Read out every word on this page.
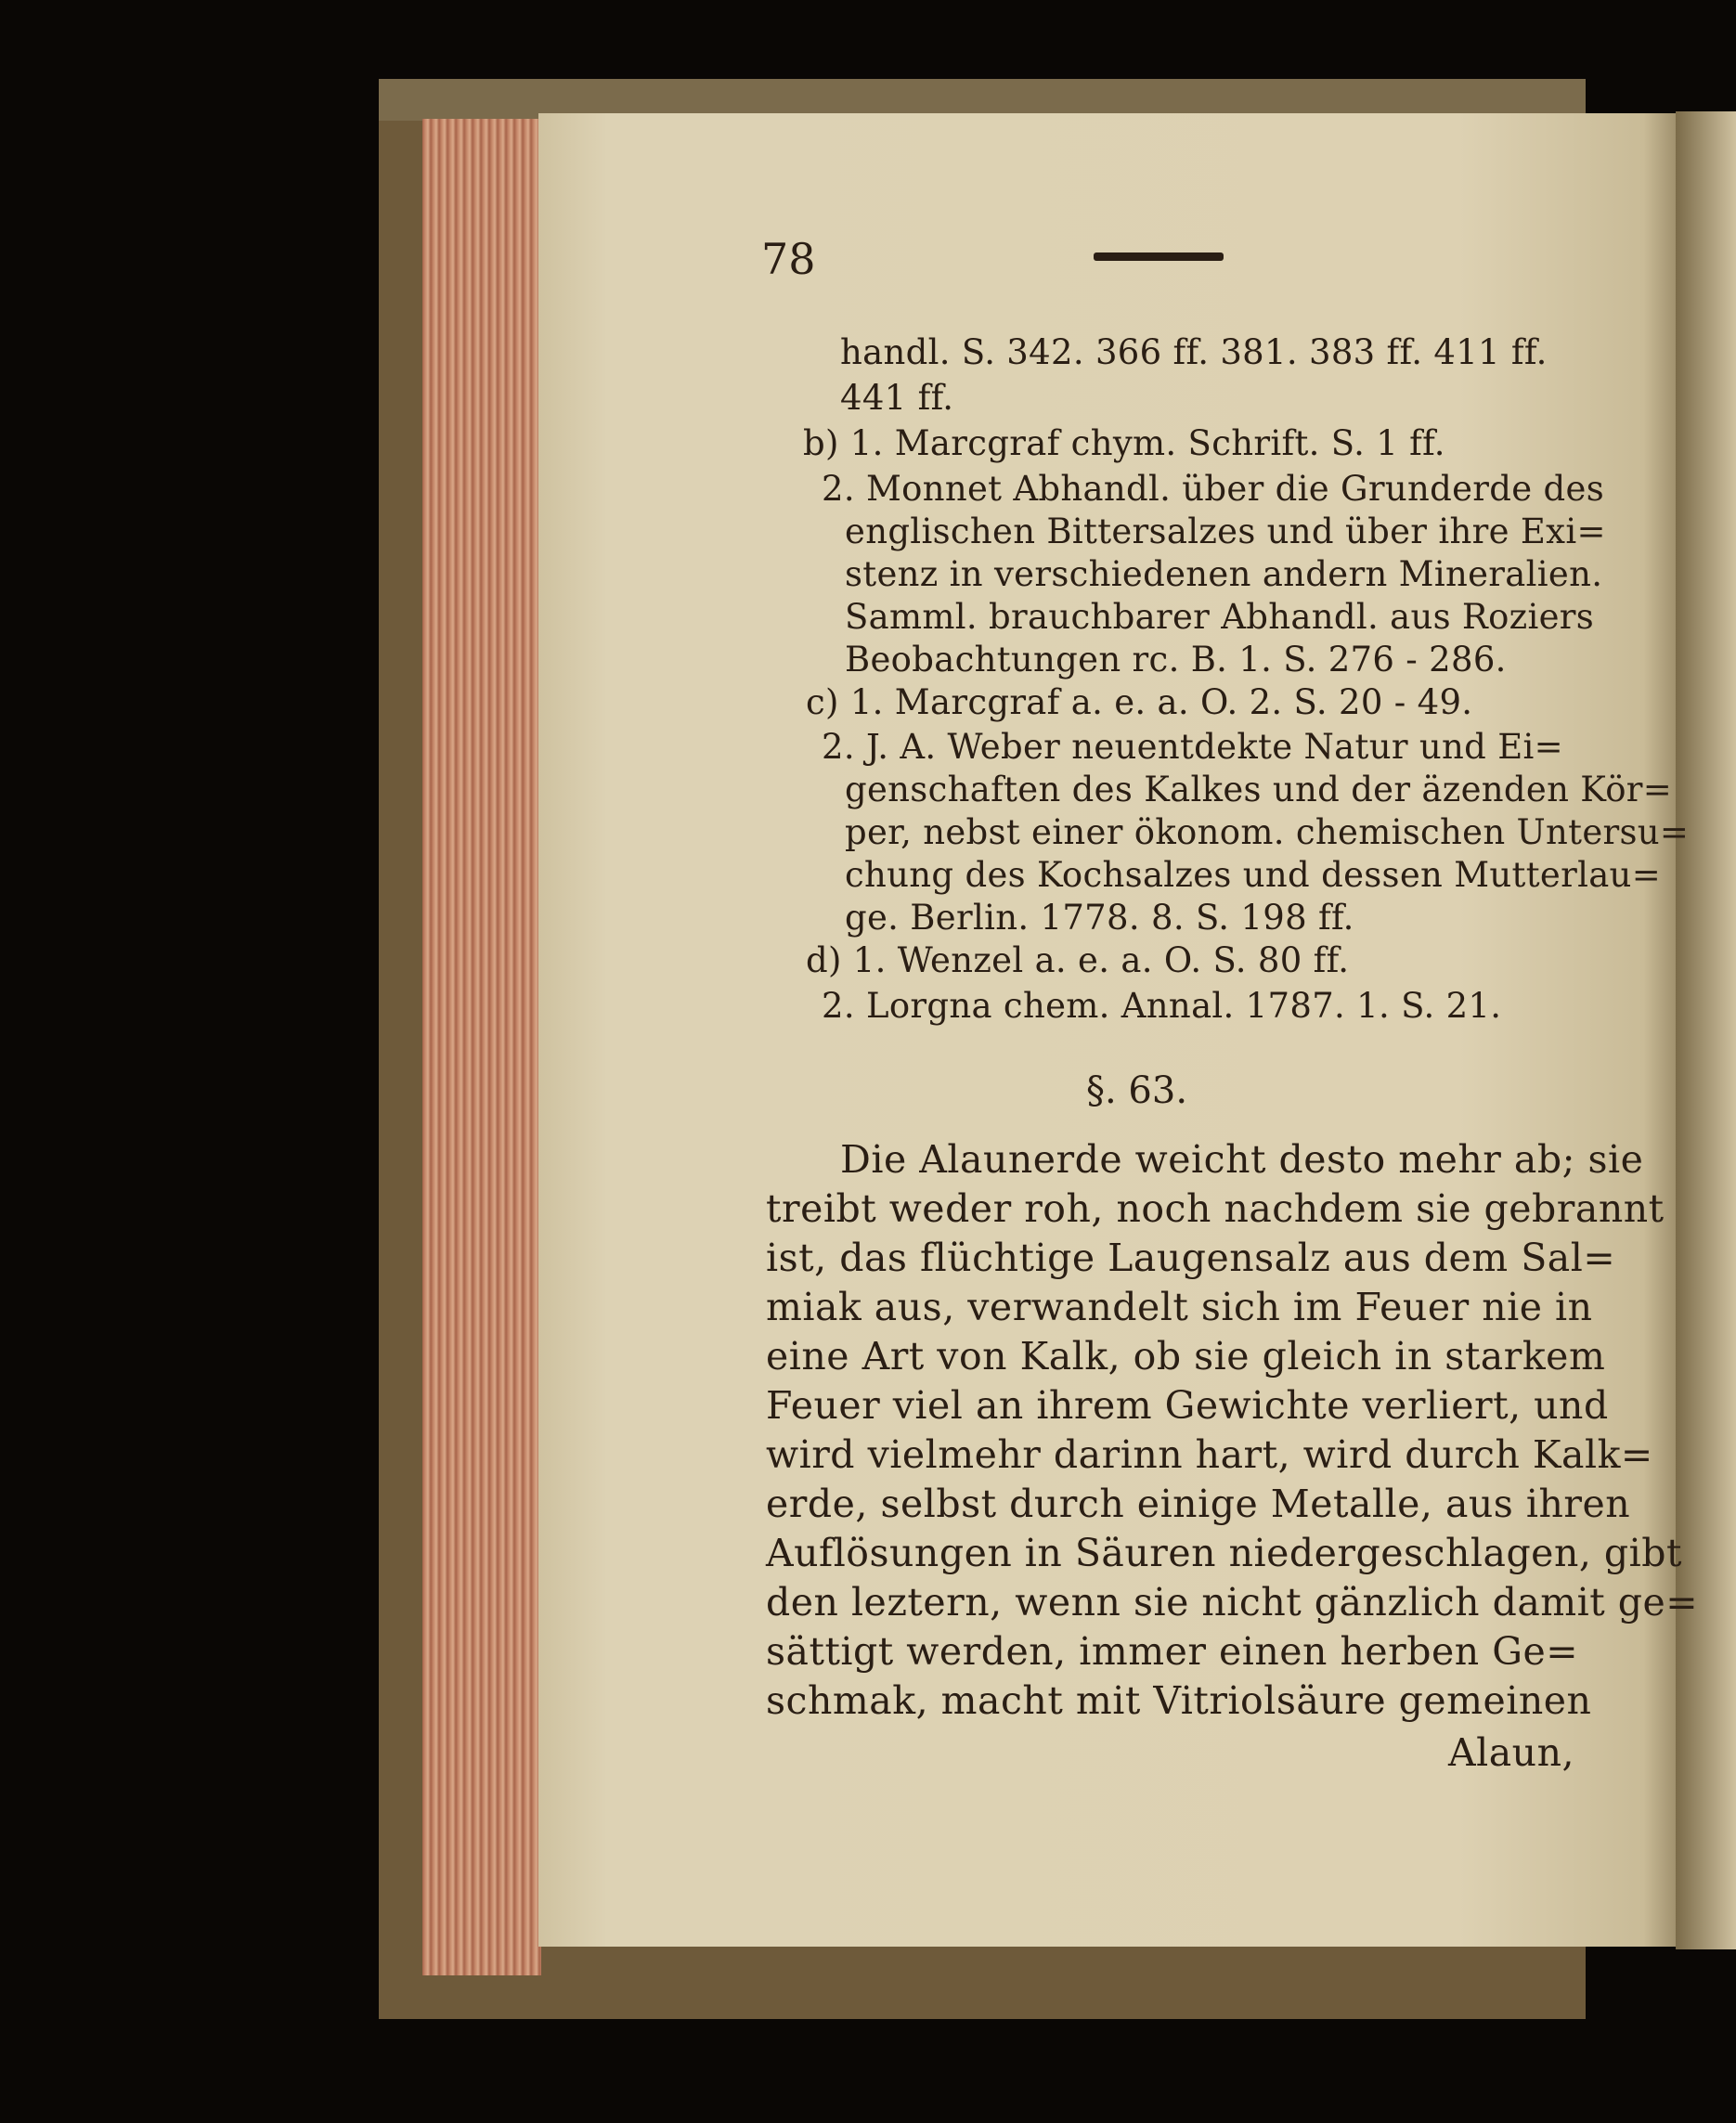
78
handl. S. 342. 366 ff. 381. 383 ff. 411 ff.
441 ff.
b) 1. Marcgraf chym. Schrift. S. 1 ff.
2. Monnet Abhandl. über die Grunderde des
englischen Bittersalzes und über ihre Exi=
stenz in verschiedenen andern Mineralien.
Samml. brauchbarer Abhandl. aus Roziers
Beobachtungen rc. B. 1. S. 276 - 286.
c) 1. Marcgraf a. e. a. O. 2. S. 20 - 49.
2. J. A. Weber neuentdekte Natur und Ei=
genschaften des Kalkes und der äzenden Kör=
per, nebst einer ökonom. chemischen Untersu=
chung des Kochsalzes und dessen Mutterlau=
ge. Berlin. 1778. 8. S. 198 ff.
d) 1. Wenzel a. e. a. O. S. 80 ff.
2. Lorgna chem. Annal. 1787. 1. S. 21.
§. 63.
Die Alaunerde weicht desto mehr ab; sie
treibt weder roh, noch nachdem sie gebrannt
ist, das flüchtige Laugensalz aus dem Sal=
miak aus, verwandelt sich im Feuer nie in
eine Art von Kalk, ob sie gleich in starkem
Feuer viel an ihrem Gewichte verliert, und
wird vielmehr darinn hart, wird durch Kalk=
erde, selbst durch einige Metalle, aus ihren
Auflösungen in Säuren niedergeschlagen, gibt
den leztern, wenn sie nicht gänzlich damit ge=
sättigt werden, immer einen herben Ge=
schmak, macht mit Vitriolsäure gemeinen
Alaun,
